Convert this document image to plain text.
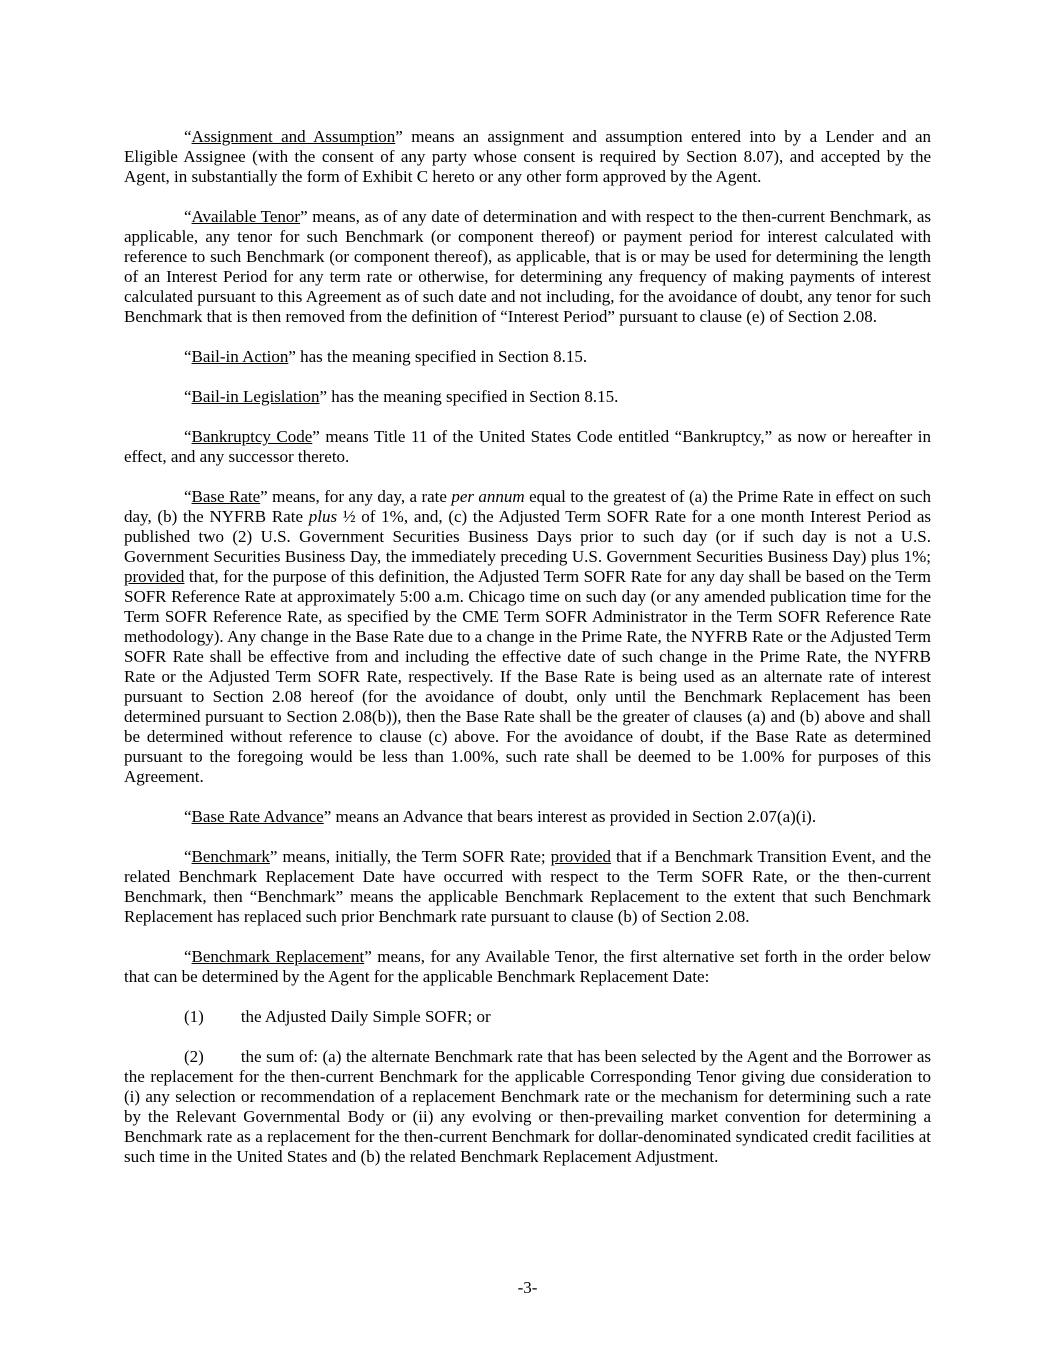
“Assignment and Assumption” means an assignment and assumption entered into by a Lender and an Eligible Assignee (with the consent of any party whose consent is required by Section 8.07), and accepted by the Agent, in substantially the form of Exhibit C hereto or any other form approved by the Agent.

“Available Tenor” means, as of any date of determination and with respect to the then-current Benchmark, as applicable, any tenor for such Benchmark (or component thereof) or payment period for interest calculated with reference to such Benchmark (or component thereof), as applicable, that is or may be used for determining the length of an Interest Period for any term rate or otherwise, for determining any frequency of making payments of interest calculated pursuant to this Agreement as of such date and not including, for the avoidance of doubt, any tenor for such Benchmark that is then removed from the definition of “Interest Period” pursuant to clause (e) of Section 2.08.

“Bail-in Action” has the meaning specified in Section 8.15.

“Bail-in Legislation” has the meaning specified in Section 8.15.

“Bankruptcy Code” means Title 11 of the United States Code entitled “Bankruptcy,” as now or hereafter in effect, and any successor thereto.

“Base Rate” means, for any day, a rate per annum equal to the greatest of (a) the Prime Rate in effect on such day, (b) the NYFRB Rate plus ½ of 1%, and, (c) the Adjusted Term SOFR Rate for a one month Interest Period as published two (2) U.S. Government Securities Business Days prior to such day (or if such day is not a U.S. Government Securities Business Day, the immediately preceding U.S. Government Securities Business Day) plus 1%; provided that, for the purpose of this definition, the Adjusted Term SOFR Rate for any day shall be based on the Term SOFR Reference Rate at approximately 5:00 a.m. Chicago time on such day (or any amended publication time for the Term SOFR Reference Rate, as specified by the CME Term SOFR Administrator in the Term SOFR Reference Rate methodology). Any change in the Base Rate due to a change in the Prime Rate, the NYFRB Rate or the Adjusted Term SOFR Rate shall be effective from and including the effective date of such change in the Prime Rate, the NYFRB Rate or the Adjusted Term SOFR Rate, respectively. If the Base Rate is being used as an alternate rate of interest pursuant to Section 2.08 hereof (for the avoidance of doubt, only until the Benchmark Replacement has been determined pursuant to Section 2.08(b)), then the Base Rate shall be the greater of clauses (a) and (b) above and shall be determined without reference to clause (c) above. For the avoidance of doubt, if the Base Rate as determined pursuant to the foregoing would be less than 1.00%, such rate shall be deemed to be 1.00% for purposes of this Agreement.

“Base Rate Advance” means an Advance that bears interest as provided in Section 2.07(a)(i).

“Benchmark” means, initially, the Term SOFR Rate; provided that if a Benchmark Transition Event, and the related Benchmark Replacement Date have occurred with respect to the Term SOFR Rate, or the then-current Benchmark, then “Benchmark” means the applicable Benchmark Replacement to the extent that such Benchmark Replacement has replaced such prior Benchmark rate pursuant to clause (b) of Section 2.08.

“Benchmark Replacement” means, for any Available Tenor, the first alternative set forth in the order below that can be determined by the Agent for the applicable Benchmark Replacement Date:

(1) the Adjusted Daily Simple SOFR; or

(2) the sum of: (a) the alternate Benchmark rate that has been selected by the Agent and the Borrower as the replacement for the then-current Benchmark for the applicable Corresponding Tenor giving due consideration to (i) any selection or recommendation of a replacement Benchmark rate or the mechanism for determining such a rate by the Relevant Governmental Body or (ii) any evolving or then-prevailing market convention for determining a Benchmark rate as a replacement for the then-current Benchmark for dollar-denominated syndicated credit facilities at such time in the United States and (b) the related Benchmark Replacement Adjustment.

-3-
